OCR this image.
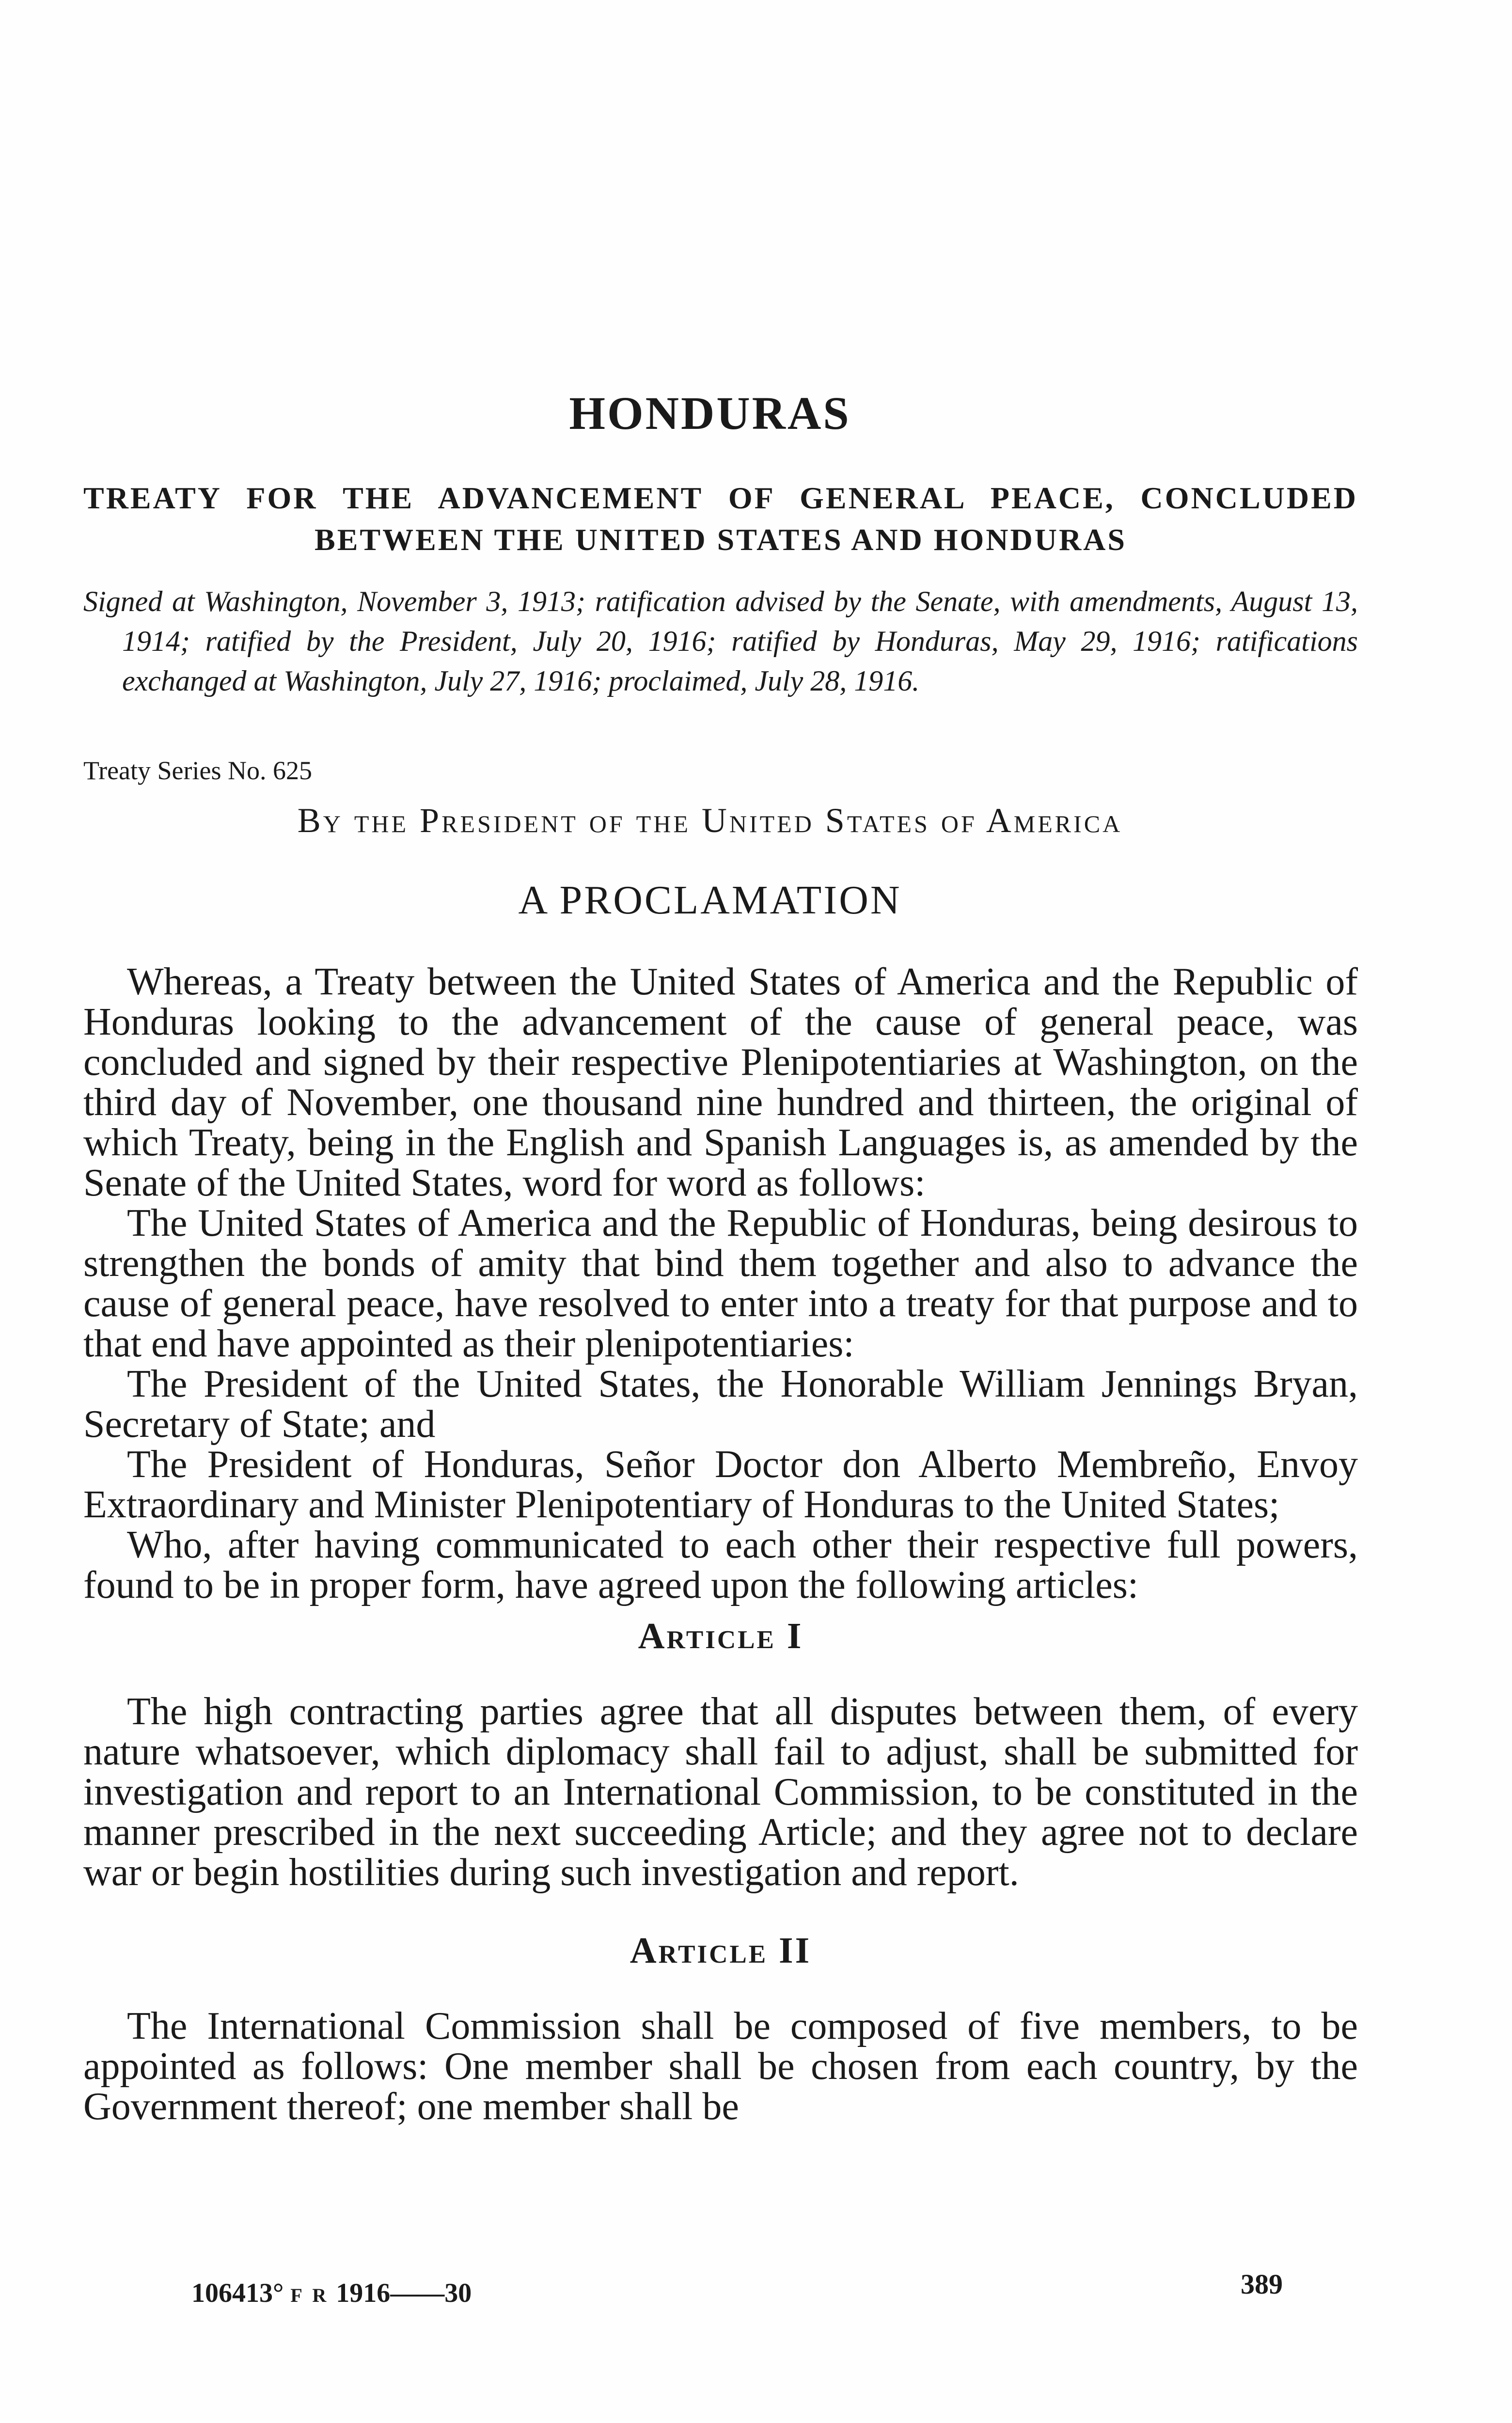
HONDURAS

TREATY FOR THE ADVANCEMENT OF GENERAL PEACE, CONCLUDED BETWEEN THE UNITED STATES AND HONDURAS

Signed at Washington, November 3, 1913; ratification advised by the Senate, with amendments, August 13, 1914; ratified by the President, July 20, 1916; ratified by Honduras, May 29, 1916; ratifications exchanged at Washington, July 27, 1916; proclaimed, July 28, 1916.

Treaty Series No. 625

By the President of the United States of America

A PROCLAMATION

Whereas, a Treaty between the United States of America and the Republic of Honduras looking to the advancement of the cause of general peace, was concluded and signed by their respective Plenipotentiaries at Washington, on the third day of November, one thousand nine hundred and thirteen, the original of which Treaty, being in the English and Spanish Languages is, as amended by the Senate of the United States, word for word as follows:

The United States of America and the Republic of Honduras, being desirous to strengthen the bonds of amity that bind them together and also to advance the cause of general peace, have resolved to enter into a treaty for that purpose and to that end have appointed as their plenipotentiaries:

The President of the United States, the Honorable William Jennings Bryan, Secretary of State; and

The President of Honduras, Señor Doctor don Alberto Membreño, Envoy Extraordinary and Minister Plenipotentiary of Honduras to the United States;

Who, after having communicated to each other their respective full powers, found to be in proper form, have agreed upon the following articles:

Article I

The high contracting parties agree that all disputes between them, of every nature whatsoever, which diplomacy shall fail to adjust, shall be submitted for investigation and report to an International Commission, to be constituted in the manner prescribed in the next succeeding Article; and they agree not to declare war or begin hostilities during such investigation and report.

Article II

The International Commission shall be composed of five members, to be appointed as follows: One member shall be chosen from each country, by the Government thereof; one member shall be

106413° F R 1916——30	389
